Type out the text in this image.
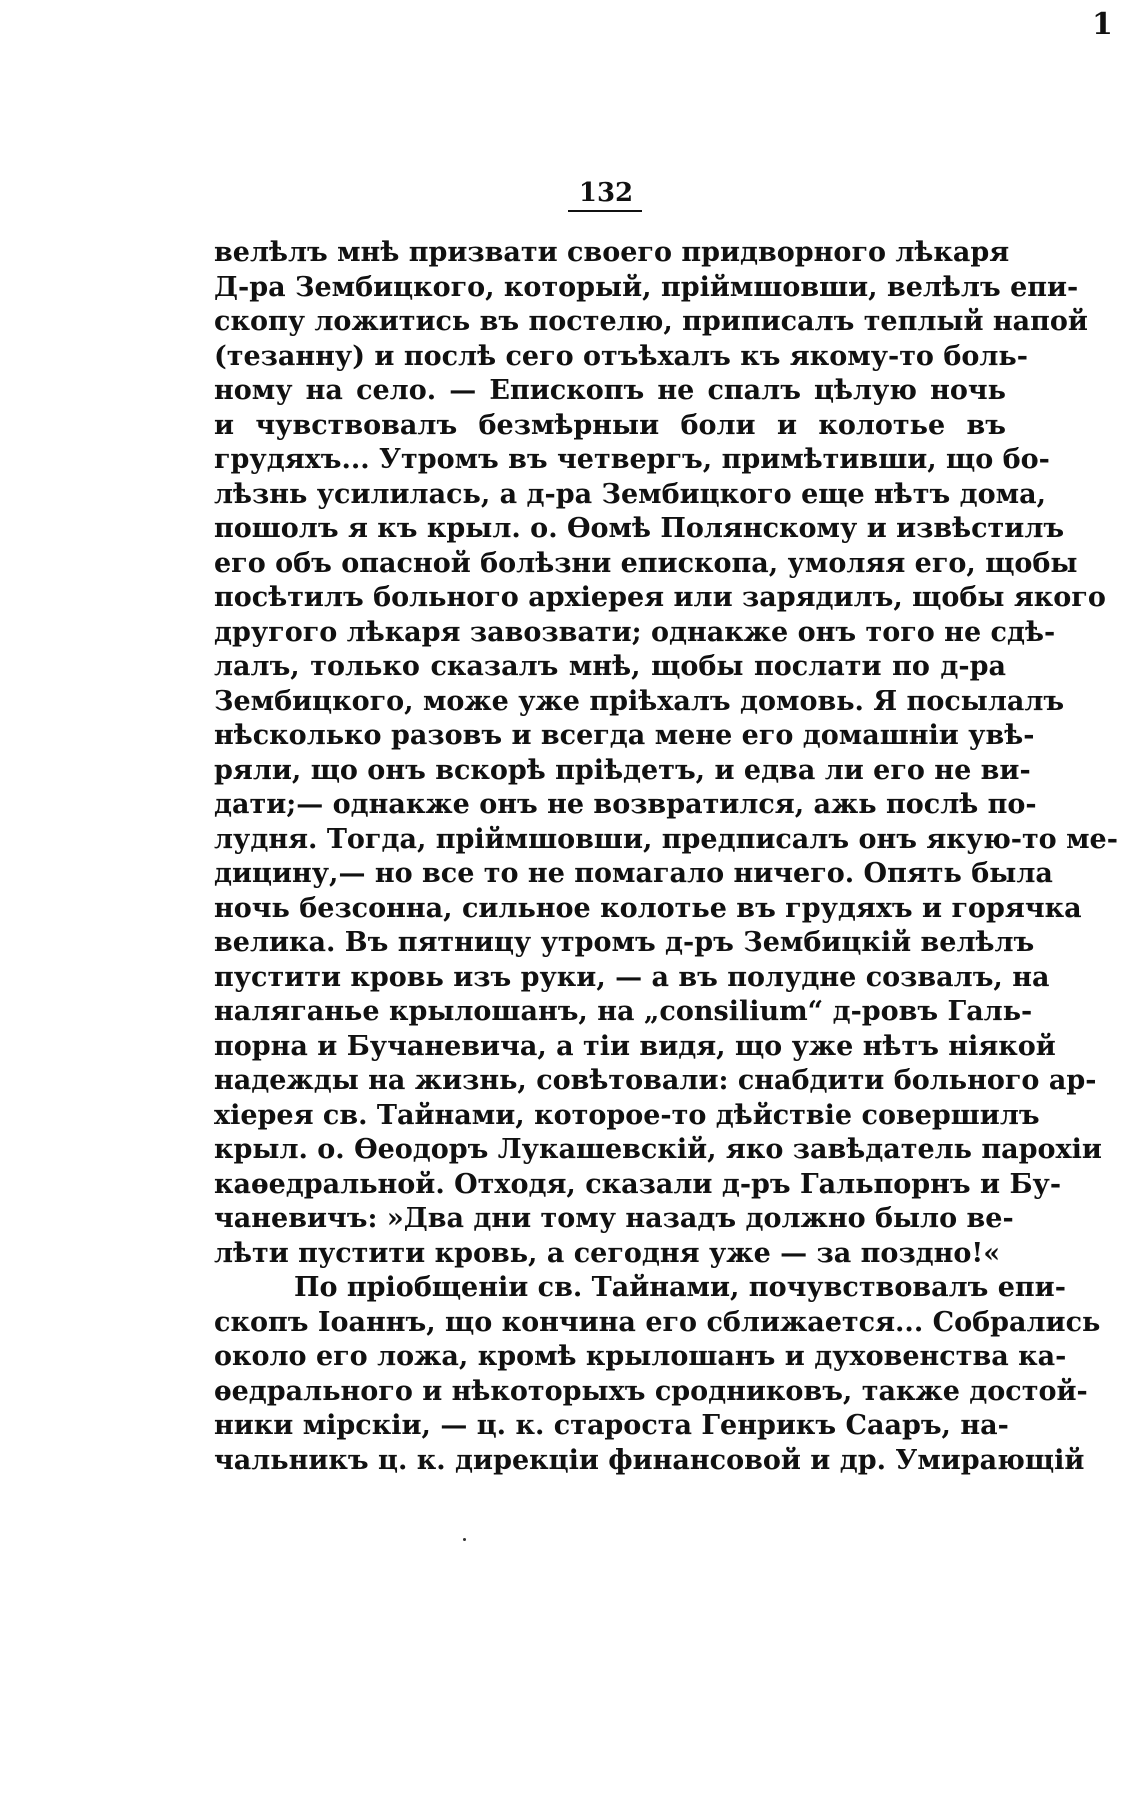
1
132
велѣлъ мнѣ призвати своего придворного лѣкаря
Д-ра Зембицкого, который, пріймшовши, велѣлъ епи-
скопу ложитись въ постелю, приписалъ теплый напой
(тезанну) и послѣ сего отъѣхалъ къ якому-то боль-
ному на село. — Епископъ не спалъ цѣлую ночь
и чувствовалъ безмѣрныи боли и колотье въ
грудяхъ... Утромъ въ четвергъ, примѣтивши, що бо-
лѣзнь усилилась, а д-ра Зембицкого еще нѣтъ дома,
пошолъ я къ крыл. о. Ѳомѣ Полянскому и извѣстилъ
его объ опасной болѣзни епископа, умоляя его, щобы
посѣтилъ больного архіерея или зарядилъ, щобы якого
другого лѣкаря завозвати; однакже онъ того не сдѣ-
лалъ, только сказалъ мнѣ, щобы послати по д-ра
Зембицкого, може уже пріѣхалъ домовь. Я посылалъ
нѣсколько разовъ и всегда мене его домашніи увѣ-
ряли, що онъ вскорѣ пріѣдетъ, и едва ли его не ви-
дати;— однакже онъ не возвратился, ажь послѣ по-
лудня. Тогда, пріймшовши, предписалъ онъ якую-то ме-
дицину,— но все то не помагало ничего. Опять была
ночь безсонна, сильное колотье въ грудяхъ и горячка
велика. Въ пятницу утромъ д-ръ Зембицкій велѣлъ
пустити кровь изъ руки, — а въ полудне созвалъ, на
наляганье крылошанъ, на „consilium“ д-ровъ Галь-
порна и Бучаневича, а тіи видя, що уже нѣтъ ніякой
надежды на жизнь, совѣтовали: снабдити больного ар-
хіерея св. Тайнами, которое-то дѣйствіе совершилъ
крыл. о. Ѳеодоръ Лукашевскій, яко завѣдатель парохіи
каѳедральной. Отходя, сказали д-ръ Гальпорнъ и Бу-
чаневичъ: »Два дни тому назадъ должно было ве-
лѣти пустити кровь, а сегодня уже — за поздно!«
По пріобщеніи св. Тайнами, почувствовалъ епи-
скопъ Іоаннъ, що кончина его сближается... Собрались
около его ложа, кромѣ крылошанъ и духовенства ка-
ѳедрального и нѣкоторыхъ сродниковъ, также достой-
ники мірскіи, — ц. к. староста Генрикъ Сааръ, на-
чальникъ ц. к. дирекціи финансовой и др. Умирающій
